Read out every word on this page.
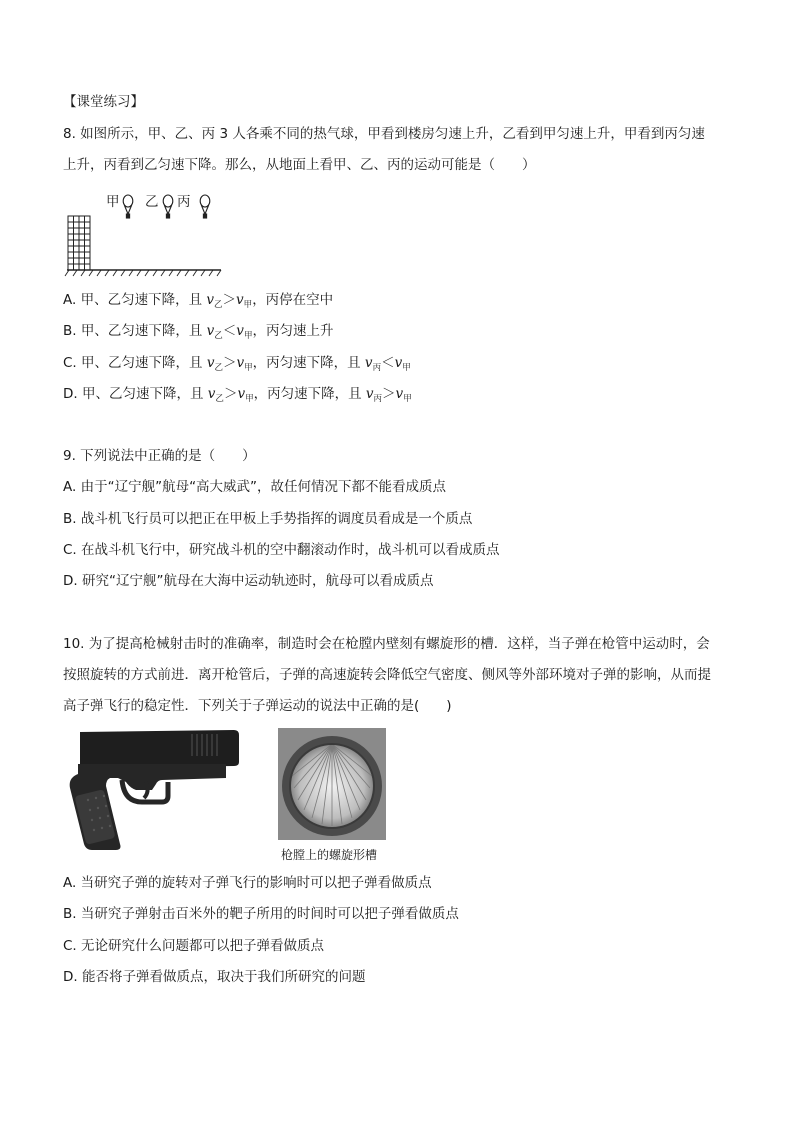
【课堂练习】
8. 如图所示，甲、乙、丙 3 人各乘不同的热气球，甲看到楼房匀速上升，乙看到甲匀速上升，甲看到丙匀速
上升，丙看到乙匀速下降。那么，从地面上看甲、乙、丙的运动可能是（　　）
甲 乙 丙
A. 甲、乙匀速下降，且 $v_乙>v_甲$，丙停在空中
B. 甲、乙匀速下降，且 $v_乙<v_甲$，丙匀速上升
C. 甲、乙匀速下降，且 $v_乙>v_甲$，丙匀速下降，且 $v_丙<v_甲$
D. 甲、乙匀速下降，且 $v_乙>v_甲$，丙匀速下降，且 $v_丙>v_甲$
9. 下列说法中正确的是（　　）
A. 由于“辽宁舰”航母“高大威武”，故任何情况下都不能看成质点
B. 战斗机飞行员可以把正在甲板上手势指挥的调度员看成是一个质点
C. 在战斗机飞行中，研究战斗机的空中翻滚动作时，战斗机可以看成质点
D. 研究“辽宁舰”航母在大海中运动轨迹时，航母可以看成质点
10. 为了提高枪械射击时的准确率，制造时会在枪膛内壁刻有螺旋形的槽．这样，当子弹在枪管中运动时，会
按照旋转的方式前进．离开枪管后，子弹的高速旋转会降低空气密度、侧风等外部环境对子弹的影响，从而提
高子弹飞行的稳定性．下列关于子弹运动的说法中正确的是(　　)
枪膛上的螺旋形槽
A. 当研究子弹的旋转对子弹飞行的影响时可以把子弹看做质点
B. 当研究子弹射击百米外的靶子所用的时间时可以把子弹看做质点
C. 无论研究什么问题都可以把子弹看做质点
D. 能否将子弹看做质点，取决于我们所研究的问题
